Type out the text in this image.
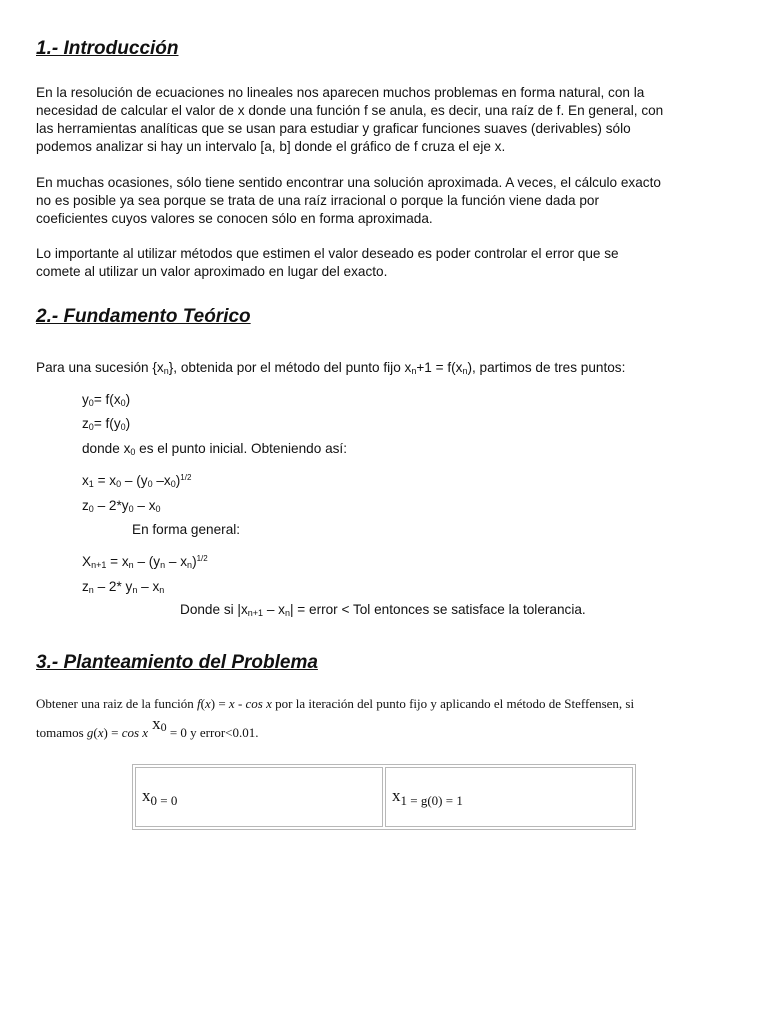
1.- Introducción
En la resolución de ecuaciones no lineales nos aparecen muchos problemas en forma natural, con la
necesidad de calcular el valor de x donde una función f se anula, es decir, una raíz de f. En general, con
las herramientas analíticas que se usan para estudiar y graficar funciones suaves (derivables) sólo
podemos analizar si hay un intervalo [a, b] donde el gráfico de f cruza el eje x.
En muchas ocasiones, sólo tiene sentido encontrar una solución aproximada. A veces, el cálculo exacto
no es posible ya sea porque se trata de una raíz irracional o porque la función viene dada por
coeficientes cuyos valores se conocen sólo en forma aproximada.
Lo importante al utilizar métodos que estimen el valor deseado es poder controlar el error que se
comete al utilizar un valor aproximado en lugar del exacto.
2.- Fundamento Teórico
Para una sucesión $\{x_n\}$, obtenida por el método del punto fijo $x_n+1 = f(x_n)$, partimos de tres puntos:
$y_0= f(x_0)$
$z_0= f(y_0)$
donde $x_0$ es el punto inicial. Obteniendo así:
$x_1 = x_0 - (y_0$ $-x_0)^{1/2}$
$z_0 - 2*y_0 - x_0$
En forma general:
$X_{n+1} = x_n - (y_n - x_n)^{1/2}$
$z_n - 2*$ $y_n - x_n$
Donde si $|x_{n+1} - x_n|$ = error < Tol entonces se satisface la tolerancia.
3.- Planteamiento del Problema
Obtener una raiz de la función f(x) = x - cos x por la iteración del punto fijo y aplicando el método de Steffensen, si
tomamos g(x) = cos x $x_0 = 0$ y error<0.01.
x0 = 0	x1 = g(0) = 1
